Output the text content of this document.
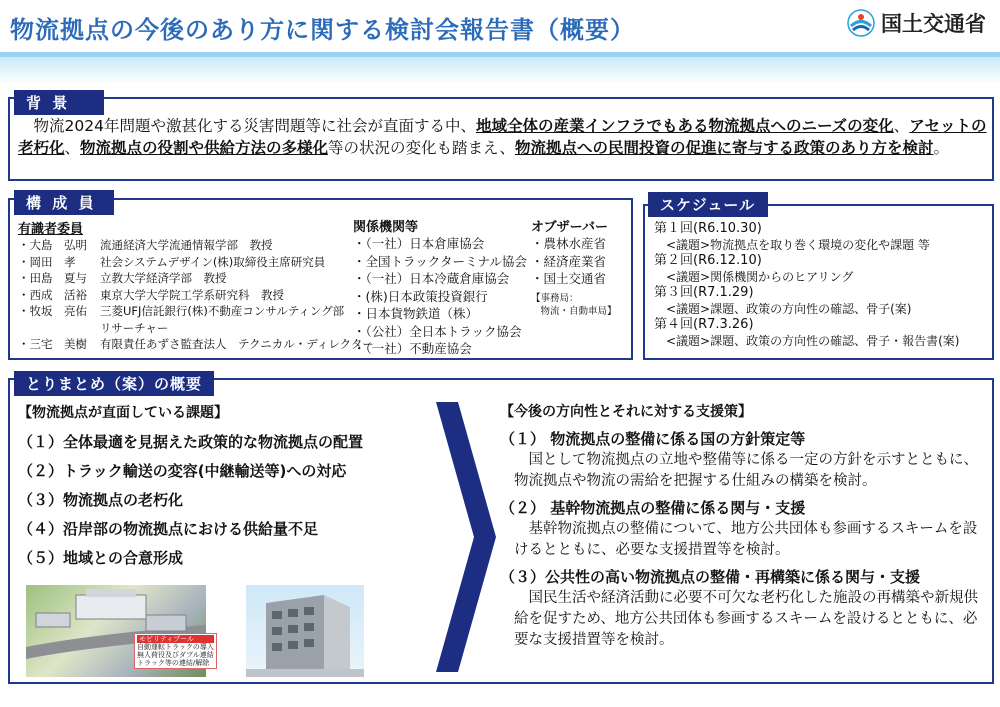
物流拠点の今後のあり方に関する検討会報告書（概要）	国土交通省
背 景
　物流2024年問題や激甚化する災害問題等に社会が直面する中、地域全体の産業インフラでもある物流拠点へのニーズの変化、アセットの老朽化、物流拠点の役割や供給方法の多様化等の状況の変化も踏まえ、物流拠点への民間投資の促進に寄与する政策のあり方を検討。
構 成 員
有識者委員
・大島　弘明	流通経済大学流通情報学部　教授
・岡田　孝	社会システムデザイン(株)取締役主席研究員
・田島　夏与	立教大学経済学部　教授
・西成　活裕	東京大学大学院工学系研究科　教授
・牧坂　亮佑	三菱UFJ信託銀行(株)不動産コンサルティング部
リサーチャー
・三宅　美樹	有限責任あずさ監査法人　テクニカル・ディレクター
関係機関等
・（一社）日本倉庫協会
・全国トラックターミナル協会
・（一社）日本冷蔵倉庫協会
・(株)日本政策投資銀行
・日本貨物鉄道（株）
・（公社）全日本トラック協会
・（一社）不動産協会
オブザーバー
・農林水産省
・経済産業省
・国土交通省
【事務局：
　物流・自動車局】
スケジュール
第１回(R6.10.30)
<議題>物流拠点を取り巻く環境の変化や課題 等
第２回(R6.12.10)
<議題>関係機関からのヒアリング
第３回(R7.1.29)
<議題>課題、政策の方向性の確認、骨子(案)
第４回(R7.3.26)
<議題>課題、政策の方向性の確認、骨子・報告書(案)
とりまとめ（案）の概要
【物流拠点が直面している課題】
（１）全体最適を見据えた政策的な物流拠点の配置
（２）トラック輸送の変容(中継輸送等)への対応
（３）物流拠点の老朽化
（４）沿岸部の物流拠点における供給量不足
（５）地域との合意形成
【今後の方向性とそれに対する支援策】
（１） 物流拠点の整備に係る国の方針策定等
国として物流拠点の立地や整備等に係る一定の方針を示すとともに、物流拠点や物流の需給を把握する仕組みの構築を検討。
（２） 基幹物流拠点の整備に係る関与・支援
基幹物流拠点の整備について、地方公共団体も参画するスキームを設けるとともに、必要な支援措置等を検討。
（３）公共性の高い物流拠点の整備・再構築に係る関与・支援
国民生活や経済活動に必要不可欠な老朽化した施設の再構築や新規供給を促すため、地方公共団体も参画するスキームを設けるとともに、必要な支援措置等を検討。
モビリティプール
自動運転トラックの導入
無人荷役及びダブル連結
トラック等の連結/解除
